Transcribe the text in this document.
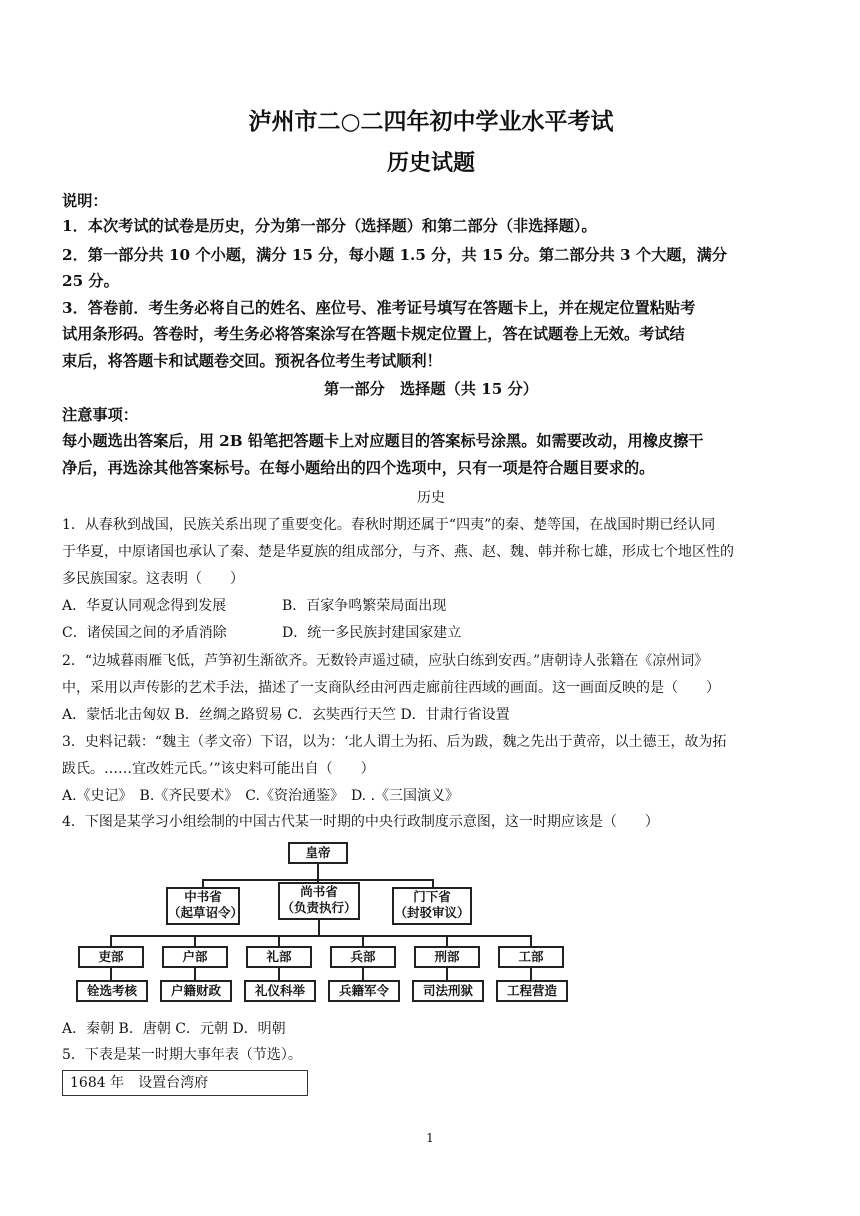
泸州市二○二四年初中学业水平考试
历史试题
说明：
1．本次考试的试卷是历史，分为第一部分（选择题）和第二部分（非选择题）。
2．第一部分共 10 个小题，满分 15 分，每小题 1.5 分，共 15 分。第二部分共 3 个大题，满分
25 分。
3．答卷前．考生务必将自己的姓名、座位号、准考证号填写在答题卡上，并在规定位置粘贴考
试用条形码。答卷时，考生务必将答案涂写在答题卡规定位置上，答在试题卷上无效。考试结
束后，将答题卡和试题卷交回。预祝各位考生考试顺利！
第一部分　选择题（共 15 分）
注意事项：
每小题选出答案后，用 2B 铅笔把答题卡上对应题目的答案标号涂黑。如需要改动，用橡皮擦干
净后，再选涂其他答案标号。在每小题给出的四个选项中，只有一项是符合题目要求的。
历史
1．从春秋到战国，民族关系出现了重要变化。春秋时期还属于“四夷”的秦、楚等国，在战国时期已经认同
于华夏，中原诸国也承认了秦、楚是华夏族的组成部分，与齐、燕、赵、魏、韩并称七雄，形成七个地区性的
多民族国家。这表明（　　）
A．华夏认同观念得到发展	B．百家争鸣繁荣局面出现
C．诸侯国之间的矛盾消除	D．统一多民族封建国家建立
2．“边城暮雨雁飞低，芦笋初生渐欲齐。无数铃声遥过碛，应驮白练到安西。”唐朝诗人张籍在《凉州词》
中，采用以声传影的艺术手法，描述了一支商队经由河西走廊前往西域的画面。这一画面反映的是（　　）
A．蒙恬北击匈奴 B．丝绸之路贸易 C．玄奘西行天竺 D．甘肃行省设置
3．史料记载：“魏主（孝文帝）下诏，以为：‘北人谓土为拓、后为跋，魏之先出于黄帝，以土德王，故为拓
跋氏。……宜改姓元氏。’”该史料可能出自（　　）
A.《史记》　B.《齐民要术》　C.《资治通鉴》　D. .《三国演义》
4．下图是某学习小组绘制的中国古代某一时期的中央行政制度示意图，这一时期应该是（　　）
皇帝
中书省
（起草诏令）
尚书省
（负责执行）
门下省
（封驳审议）
吏部	户部	礼部	兵部	刑部	工部
铨选考核	户籍财政	礼仪科举	兵籍军令	司法刑狱	工程营造
A．秦朝 B．唐朝 C．元朝 D．明朝
5．下表是某一时期大事年表（节选）。
1684 年　设置台湾府
1
